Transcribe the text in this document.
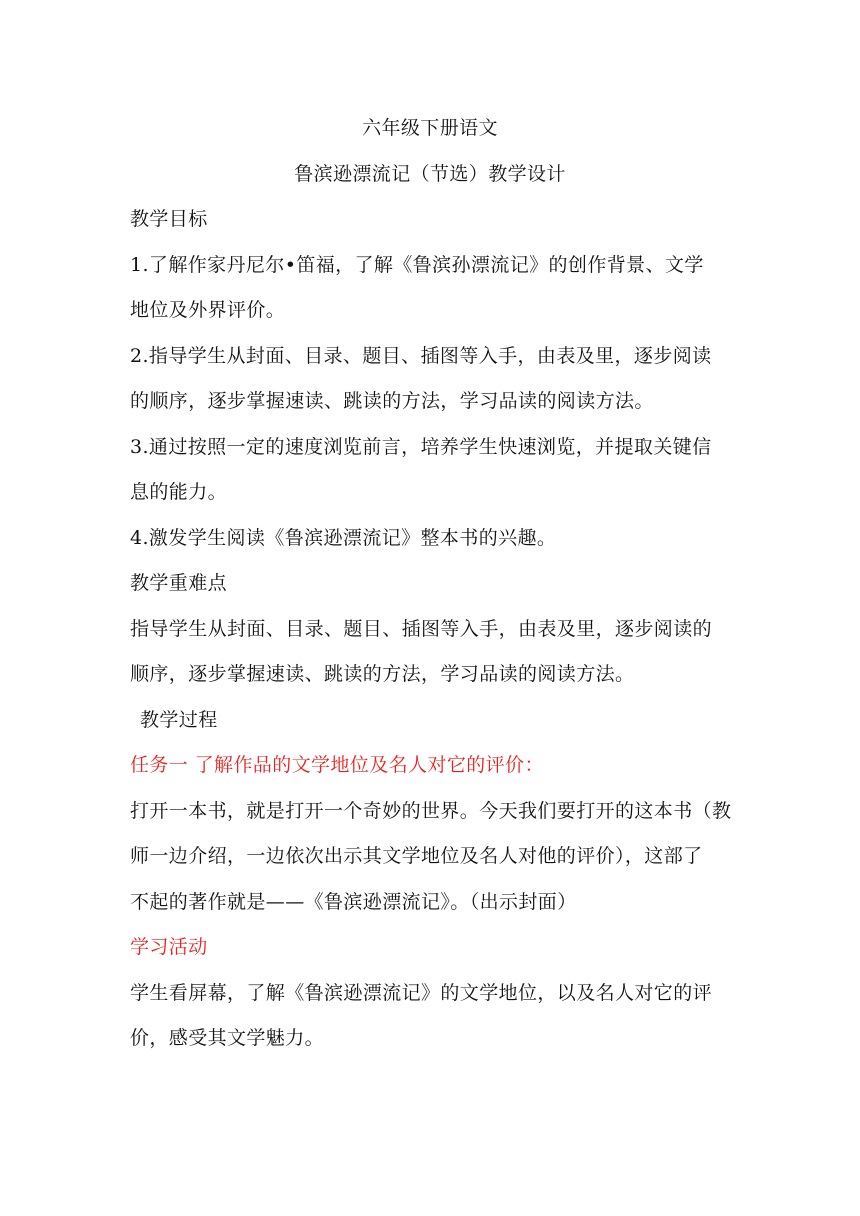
六年级下册语文
鲁滨逊漂流记（节选）教学设计
教学目标
1.了解作家丹尼尔•笛福，了解《鲁滨孙漂流记》的创作背景、文学
地位及外界评价。
2.指导学生从封面、目录、题目、插图等入手，由表及里，逐步阅读
的顺序，逐步掌握速读、跳读的方法，学习品读的阅读方法。
3.通过按照一定的速度浏览前言，培养学生快速浏览，并提取关键信
息的能力。
4.激发学生阅读《鲁滨逊漂流记》整本书的兴趣。
教学重难点
指导学生从封面、目录、题目、插图等入手，由表及里，逐步阅读的
顺序，逐步掌握速读、跳读的方法，学习品读的阅读方法。
教学过程
任务一 了解作品的文学地位及名人对它的评价：
打开一本书，就是打开一个奇妙的世界。今天我们要打开的这本书（教
师一边介绍，一边依次出示其文学地位及名人对他的评价），这部了
不起的著作就是——《鲁滨逊漂流记》。（出示封面）
学习活动
学生看屏幕，了解《鲁滨逊漂流记》的文学地位，以及名人对它的评
价，感受其文学魅力。
